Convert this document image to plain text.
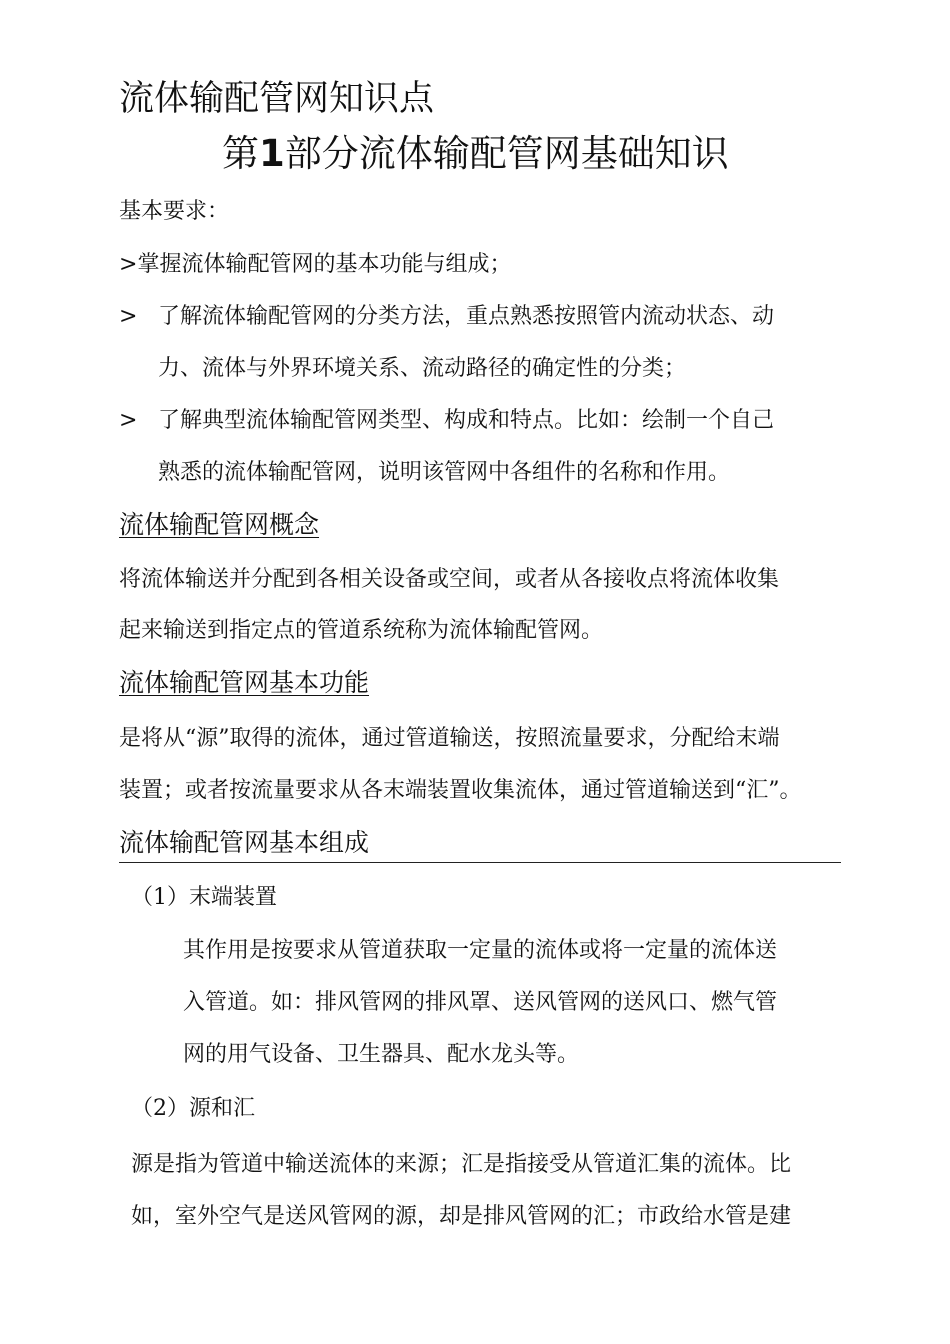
流体输配管网知识点
第1部分流体输配管网基础知识
基本要求：
>掌握流体输配管网的基本功能与组成；
> 了解流体输配管网的分类方法，重点熟悉按照管内流动状态、动
力、流体与外界环境关系、流动路径的确定性的分类；
> 了解典型流体输配管网类型、构成和特点。比如：绘制一个自己
熟悉的流体输配管网，说明该管网中各组件的名称和作用。
流体输配管网概念
将流体输送并分配到各相关设备或空间，或者从各接收点将流体收集
起来输送到指定点的管道系统称为流体输配管网。
流体输配管网基本功能
是将从“源”取得的流体，通过管道输送，按照流量要求，分配给末端
装置；或者按流量要求从各末端装置收集流体，通过管道输送到“汇”。
流体输配管网基本组成
（1）末端装置
其作用是按要求从管道获取一定量的流体或将一定量的流体送
入管道。如：排风管网的排风罩、送风管网的送风口、燃气管
网的用气设备、卫生器具、配水龙头等。
（2）源和汇
源是指为管道中输送流体的来源；汇是指接受从管道汇集的流体。比
如，室外空气是送风管网的源，却是排风管网的汇；市政给水管是建
